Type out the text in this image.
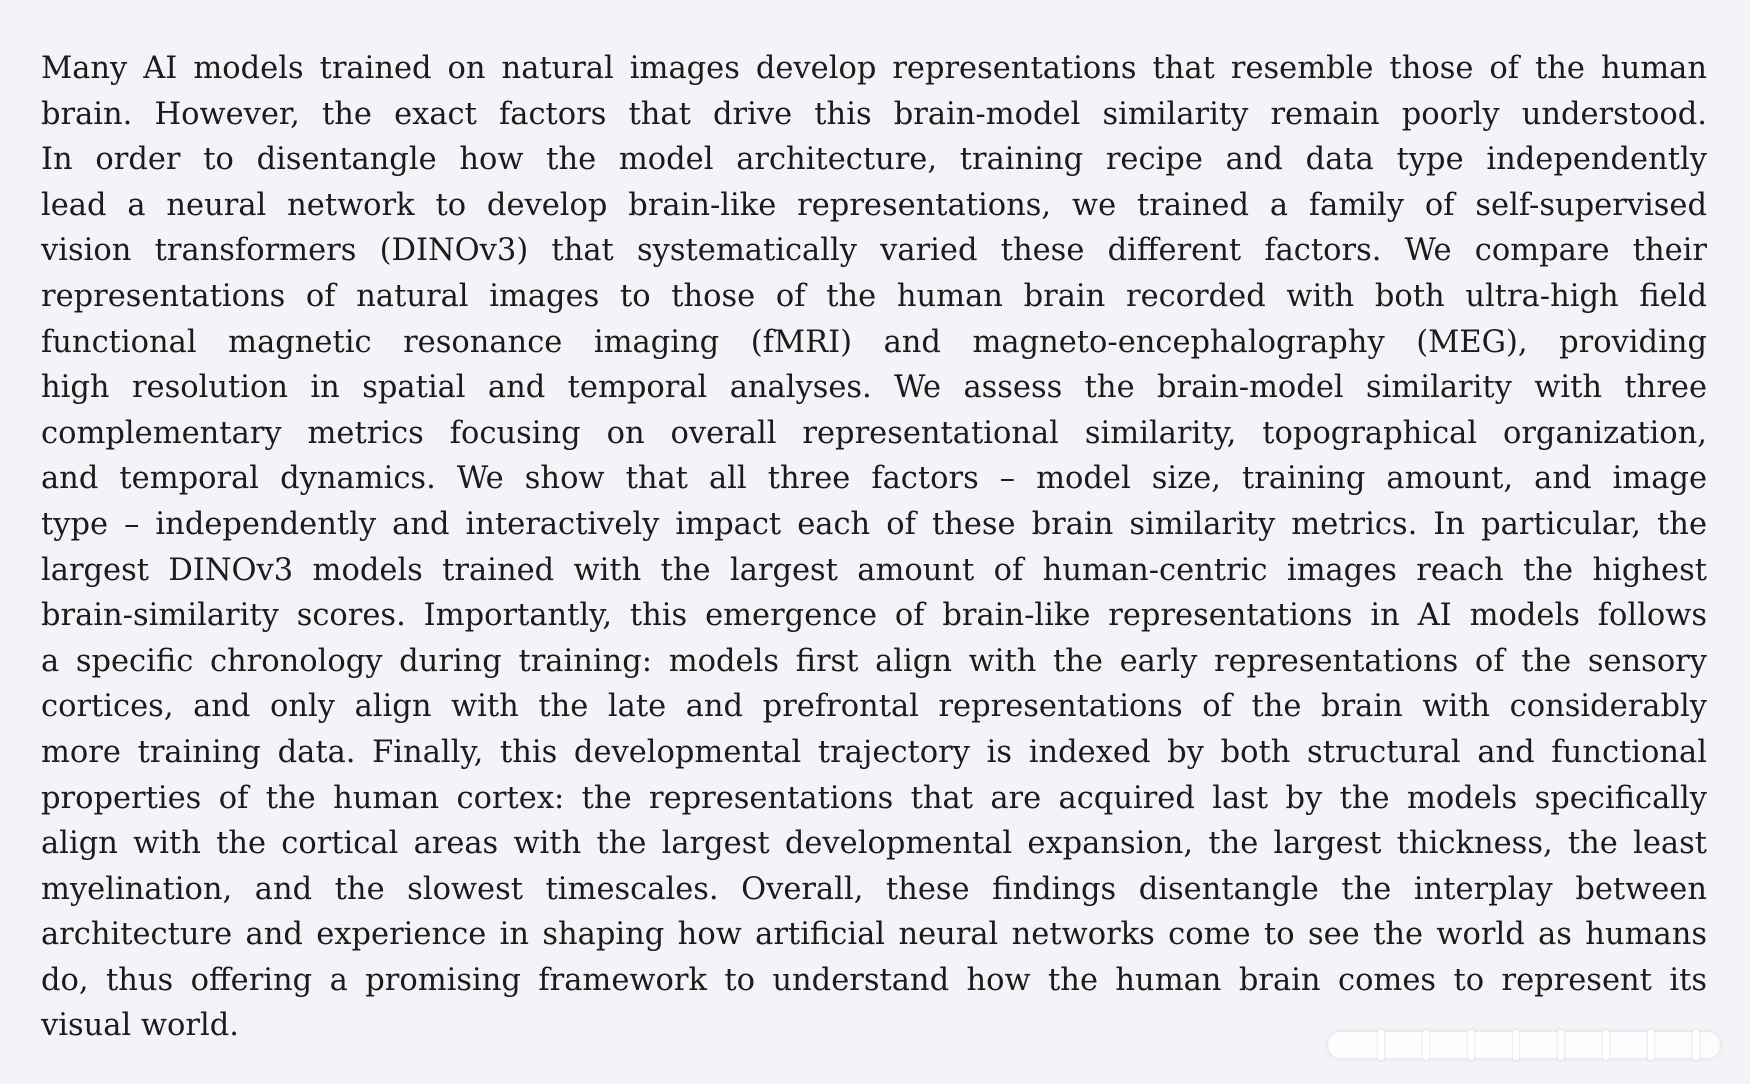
Many AI models trained on natural images develop representations that resemble those of the human
brain. However, the exact factors that drive this brain-model similarity remain poorly understood.
In order to disentangle how the model architecture, training recipe and data type independently
lead a neural network to develop brain-like representations, we trained a family of self-supervised
vision transformers (DINOv3) that systematically varied these different factors. We compare their
representations of natural images to those of the human brain recorded with both ultra-high field
functional magnetic resonance imaging (fMRI) and magneto-encephalography (MEG), providing
high resolution in spatial and temporal analyses. We assess the brain-model similarity with three
complementary metrics focusing on overall representational similarity, topographical organization,
and temporal dynamics. We show that all three factors – model size, training amount, and image
type – independently and interactively impact each of these brain similarity metrics. In particular, the
largest DINOv3 models trained with the largest amount of human-centric images reach the highest
brain-similarity scores. Importantly, this emergence of brain-like representations in AI models follows
a specific chronology during training: models first align with the early representations of the sensory
cortices, and only align with the late and prefrontal representations of the brain with considerably
more training data. Finally, this developmental trajectory is indexed by both structural and functional
properties of the human cortex: the representations that are acquired last by the models specifically
align with the cortical areas with the largest developmental expansion, the largest thickness, the least
myelination, and the slowest timescales. Overall, these findings disentangle the interplay between
architecture and experience in shaping how artificial neural networks come to see the world as humans
do, thus offering a promising framework to understand how the human brain comes to represent its
visual world.
